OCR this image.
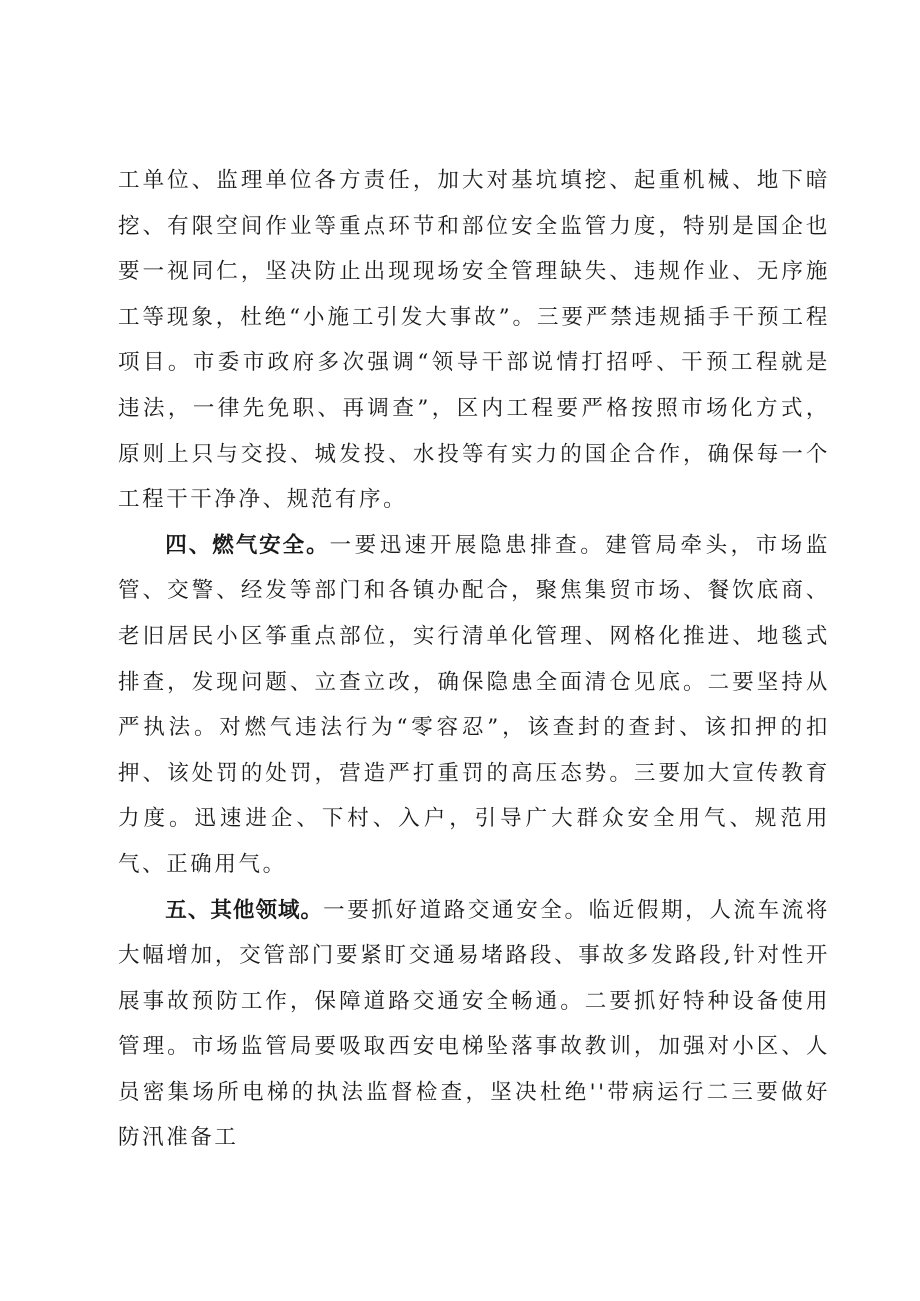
工单位、监理单位各方责任，加大对基坑填挖、起重机械、地下暗挖、有限空间作业等重点环节和部位安全监管力度，特别是国企也要一视同仁，坚决防止出现现场安全管理缺失、违规作业、无序施工等现象，杜绝“小施工引发大事故”。三要严禁违规插手干预工程项目。市委市政府多次强调“领导干部说情打招呼、干预工程就是违法，一律先免职、再调查”，区内工程要严格按照市场化方式，原则上只与交投、城发投、水投等有实力的国企合作，确保每一个工程干干净净、规范有序。

四、燃气安全。一要迅速开展隐患排查。建管局牵头，市场监管、交警、经发等部门和各镇办配合，聚焦集贸市场、餐饮底商、老旧居民小区筝重点部位，实行清单化管理、网格化推进、地毯式排查，发现问题、立查立改，确保隐患全面清仓见底。二要坚持从严执法。对燃气违法行为“零容忍”，该查封的查封、该扣押的扣押、该处罚的处罚，营造严打重罚的高压态势。三要加大宣传教育力度。迅速进企、下村、入户，引导广大群众安全用气、规范用气、正确用气。

五、其他领域。一要抓好道路交通安全。临近假期，人流车流将大幅增加，交管部门要紧盯交通易堵路段、事故多发路段,针对性开展事故预防工作，保障道路交通安全畅通。二要抓好特种设备使用管理。市场监管局要吸取西安电梯坠落事故教训，加强对小区、人员密集场所电梯的执法监督检查，坚决杜绝''带病运行二三要做好防汛准备工
